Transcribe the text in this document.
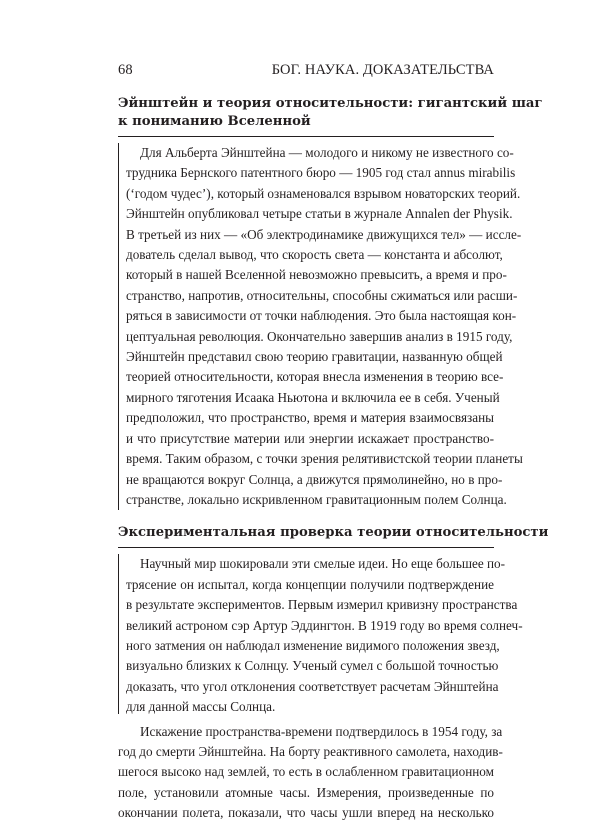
68	БОГ. НАУКА. ДОКАЗАТЕЛЬСТВА
Эйнштейн и теория относительности: гигантский шаг
к пониманию Вселенной
Для Альберта Эйнштейна — молодого и никому не известного со-
трудника Бернского патентного бюро — 1905 год стал annus mirabilis
(‘годом чудес’), который ознаменовался взрывом новаторских теорий.
Эйнштейн опубликовал четыре статьи в журнале Annalen der Physik.
В третьей из них — «Об электродинамике движущихся тел» — иссле-
дователь сделал вывод, что скорость света — константа и абсолют,
который в нашей Вселенной невозможно превысить, а время и про-
странство, напротив, относительны, способны сжиматься или расши-
ряться в зависимости от точки наблюдения. Это была настоящая кон-
цептуальная революция. Окончательно завершив анализ в 1915 году,
Эйнштейн представил свою теорию гравитации, названную общей
теорией относительности, которая внесла изменения в теорию все-
мирного тяготения Исаака Ньютона и включила ее в себя. Ученый
предположил, что пространство, время и материя взаимосвязаны
и что присутствие материи или энергии искажает пространство-
время. Таким образом, с точки зрения релятивистской теории планеты
не вращаются вокруг Солнца, а движутся прямолинейно, но в про-
странстве, локально искривленном гравитационным полем Солнца.
Экспериментальная проверка теории относительности
Научный мир шокировали эти смелые идеи. Но еще большее по-
трясение он испытал, когда концепции получили подтверждение
в результате экспериментов. Первым измерил кривизну пространства
великий астроном сэр Артур Эддингтон. В 1919 году во время солнеч-
ного затмения он наблюдал изменение видимого положения звезд,
визуально близких к Солнцу. Ученый сумел с большой точностью
доказать, что угол отклонения соответствует расчетам Эйнштейна
для данной массы Солнца.
Искажение пространства-времени подтвердилось в 1954 году, за
год до смерти Эйнштейна. На борту реактивного самолета, находив-
шегося высоко над землей, то есть в ослабленном гравитационном
поле, установили атомные часы. Измерения, произведенные по
окончании полета, показали, что часы ушли вперед на несколько
